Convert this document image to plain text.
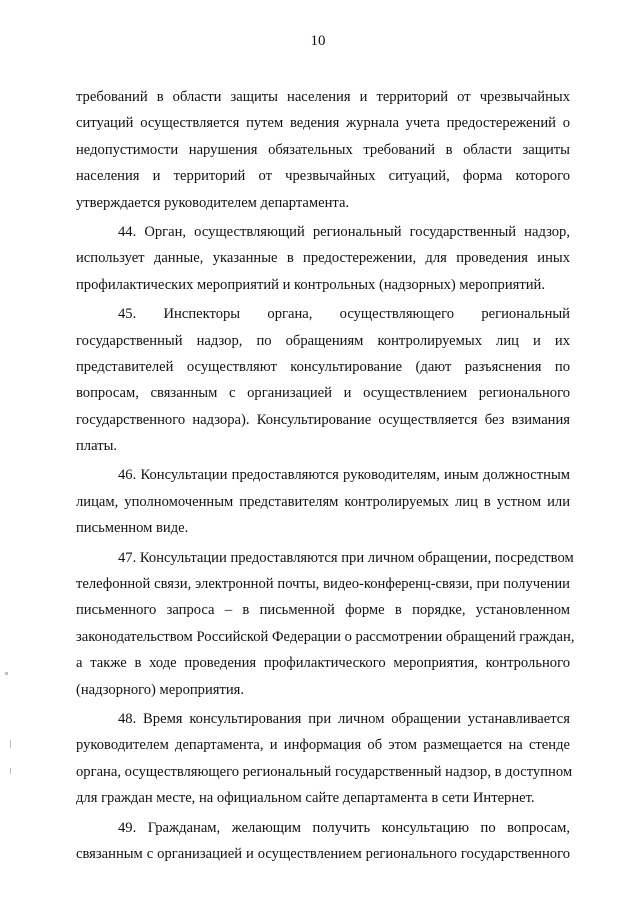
10
требований в области защиты населения и территорий от чрезвычайных
ситуаций осуществляется путем ведения журнала учета предостережений о
недопустимости нарушения обязательных требований в области защиты
населения и территорий от чрезвычайных ситуаций, форма которого
утверждается руководителем департамента.
44. Орган, осуществляющий региональный государственный надзор,
использует данные, указанные в предостережении, для проведения иных
профилактических мероприятий и контрольных (надзорных) мероприятий.
45. Инспекторы органа, осуществляющего региональный
государственный надзор, по обращениям контролируемых лиц и их
представителей осуществляют консультирование (дают разъяснения по
вопросам, связанным с организацией и осуществлением регионального
государственного надзора). Консультирование осуществляется без взимания
платы.
46. Консультации предоставляются руководителям, иным должностным
лицам, уполномоченным представителям контролируемых лиц в устном или
письменном виде.
47. Консультации предоставляются при личном обращении, посредством
телефонной связи, электронной почты, видео-конференц-связи, при получении
письменного запроса – в письменной форме в порядке, установленном
законодательством Российской Федерации о рассмотрении обращений граждан,
а также в ходе проведения профилактического мероприятия, контрольного
(надзорного) мероприятия.
48. Время консультирования при личном обращении устанавливается
руководителем департамента, и информация об этом размещается на стенде
органа, осуществляющего региональный государственный надзор, в доступном
для граждан месте, на официальном сайте департамента в сети Интернет.
49. Гражданам, желающим получить консультацию по вопросам,
связанным с организацией и осуществлением регионального государственного
